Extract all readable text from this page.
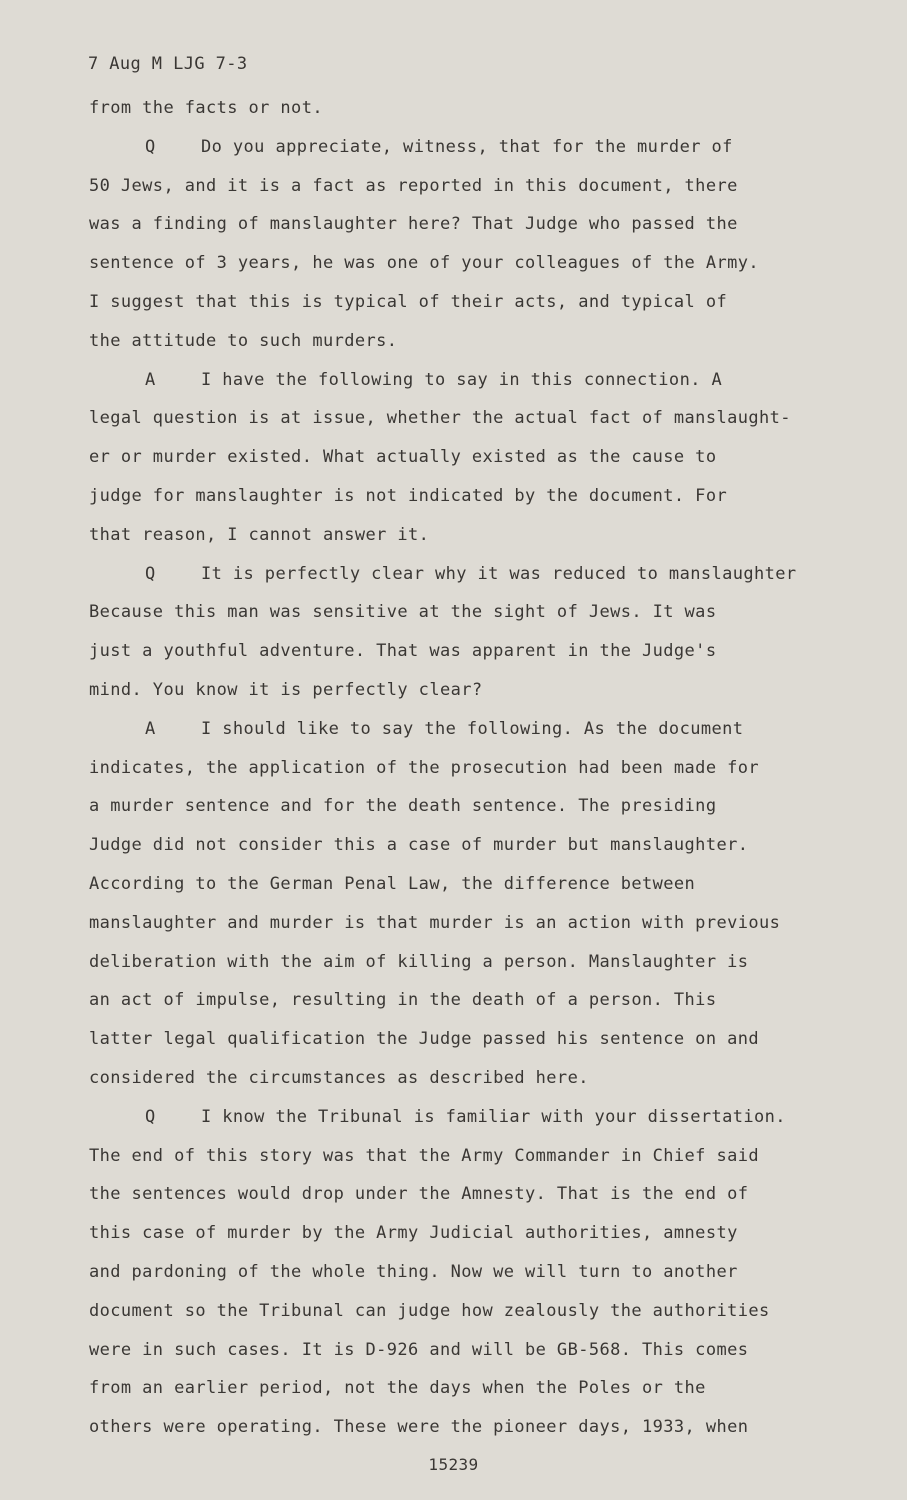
7 Aug M LJG 7-3
from the facts or not.
Q	Do you appreciate, witness, that for the murder of
50 Jews, and it is a fact as reported in this document, there
was a finding of manslaughter here? That Judge who passed the
sentence of 3 years, he was one of your colleagues of the Army.
I suggest that this is typical of their acts, and typical of
the attitude to such murders.
A	I have the following to say in this connection. A
legal question is at issue, whether the actual fact of manslaught-
er or murder existed. What actually existed as the cause to
judge for manslaughter is not indicated by the document. For
that reason, I cannot answer it.
Q	It is perfectly clear why it was reduced to manslaughter
Because this man was sensitive at the sight of Jews. It was
just a youthful adventure. That was apparent in the Judge's
mind. You know it is perfectly clear?
A	I should like to say the following. As the document
indicates, the application of the prosecution had been made for
a murder sentence and for the death sentence. The presiding
Judge did not consider this a case of murder but manslaughter.
According to the German Penal Law, the difference between
manslaughter and murder is that murder is an action with previous
deliberation with the aim of killing a person. Manslaughter is
an act of impulse, resulting in the death of a person. This
latter legal qualification the Judge passed his sentence on and
considered the circumstances as described here.
Q	I know the Tribunal is familiar with your dissertation.
The end of this story was that the Army Commander in Chief said
the sentences would drop under the Amnesty. That is the end of
this case of murder by the Army Judicial authorities, amnesty
and pardoning of the whole thing. Now we will turn to another
document so the Tribunal can judge how zealously the authorities
were in such cases. It is D-926 and will be GB-568. This comes
from an earlier period, not the days when the Poles or the
others were operating. These were the pioneer days, 1933, when
15239
